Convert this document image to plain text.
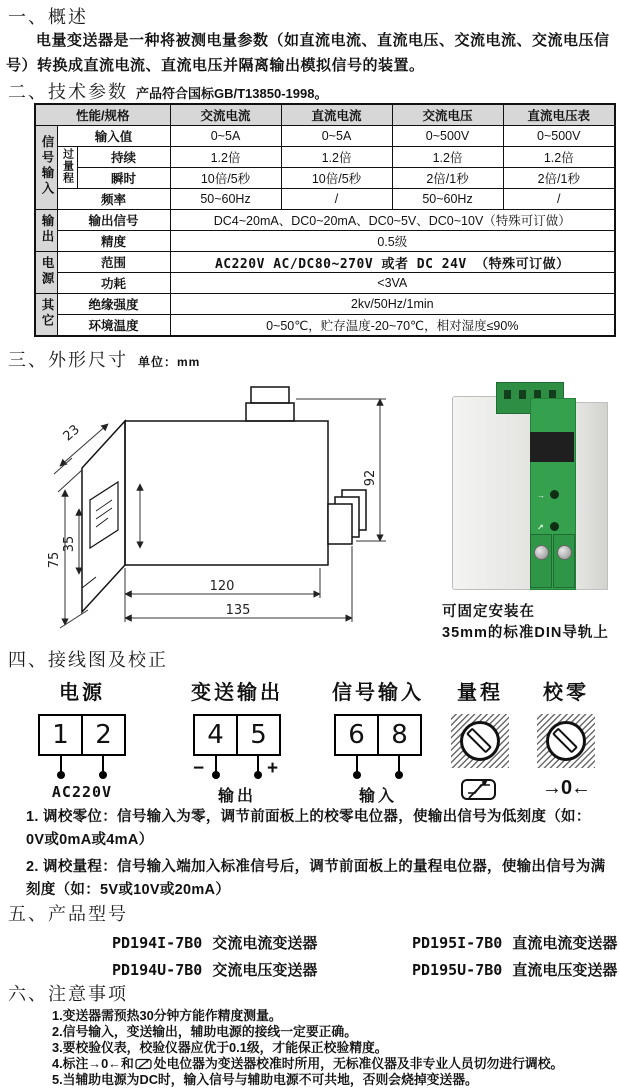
一、概述
电量变送器是一种将被测电量参数（如直流电流、直流电压、交流电流、交流电压信号）转换成直流电流、直流电压并隔离输出模拟信号的装置。
二、技术参数 产品符合国标GB/T13850-1998。
性能/规格			交流电流	直流电流	交流电压	直流电压表
信号输入	输入值		0~5A	0~5A	0~500V	0~500V
	过量程	持续	1.2倍	1.2倍	1.2倍	1.2倍
		瞬时	10倍/5秒	10倍/5秒	2倍/1秒	2倍/1秒
	频率		50~60Hz	/	50~60Hz	/
输出	输出信号		DC4~20mA、DC0~20mA、DC0~5V、DC0~10V（特殊可订做）			
	精度		0.5级			
电源	范围		AC220V AC/DC80~270V 或者 DC 24V （特殊可订做）			
	功耗		<3VA			
其它	绝缘强度		2kv/50Hz/1min			
	环境温度		0~50℃，贮存温度-20~70℃，相对湿度≤90%			
三、外形尺寸 单位：mm
23
92
75
35
120
135
→
↗
可固定安装在
35mm的标准DIN导轨上
四、接线图及校正
电源
1	2
AC220V
变送输出
4	5
−	+
输出
信号输入
6	8
输入
量程	校零
→0←

1. 调校零位：信号输入为零，调节前面板上的校零电位器，使输出信号为低刻度（如：0V或0mA或4mA）

2. 调校量程：信号输入端加入标准信号后，调节前面板上的量程电位器，使输出信号为满刻度（如：5V或10V或20mA）

五、产品型号
PD194I-7B0 交流电流变送器	PD195I-7B0 直流电流变送器
PD194U-7B0 交流电压变送器	PD195U-7B0 直流电压变送器
六、注意事项
1.变送器需预热30分钟方能作精度测量。
2.信号输入，变送输出，辅助电源的接线一定要正确。
3.要校验仪表，校验仪器应优于0.1级，才能保正校验精度。
4.标注→0←和 处电位器为变送器校准时所用，无标准仪器及非专业人员切勿进行调校。
5.当辅助电源为DC时，输入信号与辅助电源不可共地，否则会烧掉变送器。
